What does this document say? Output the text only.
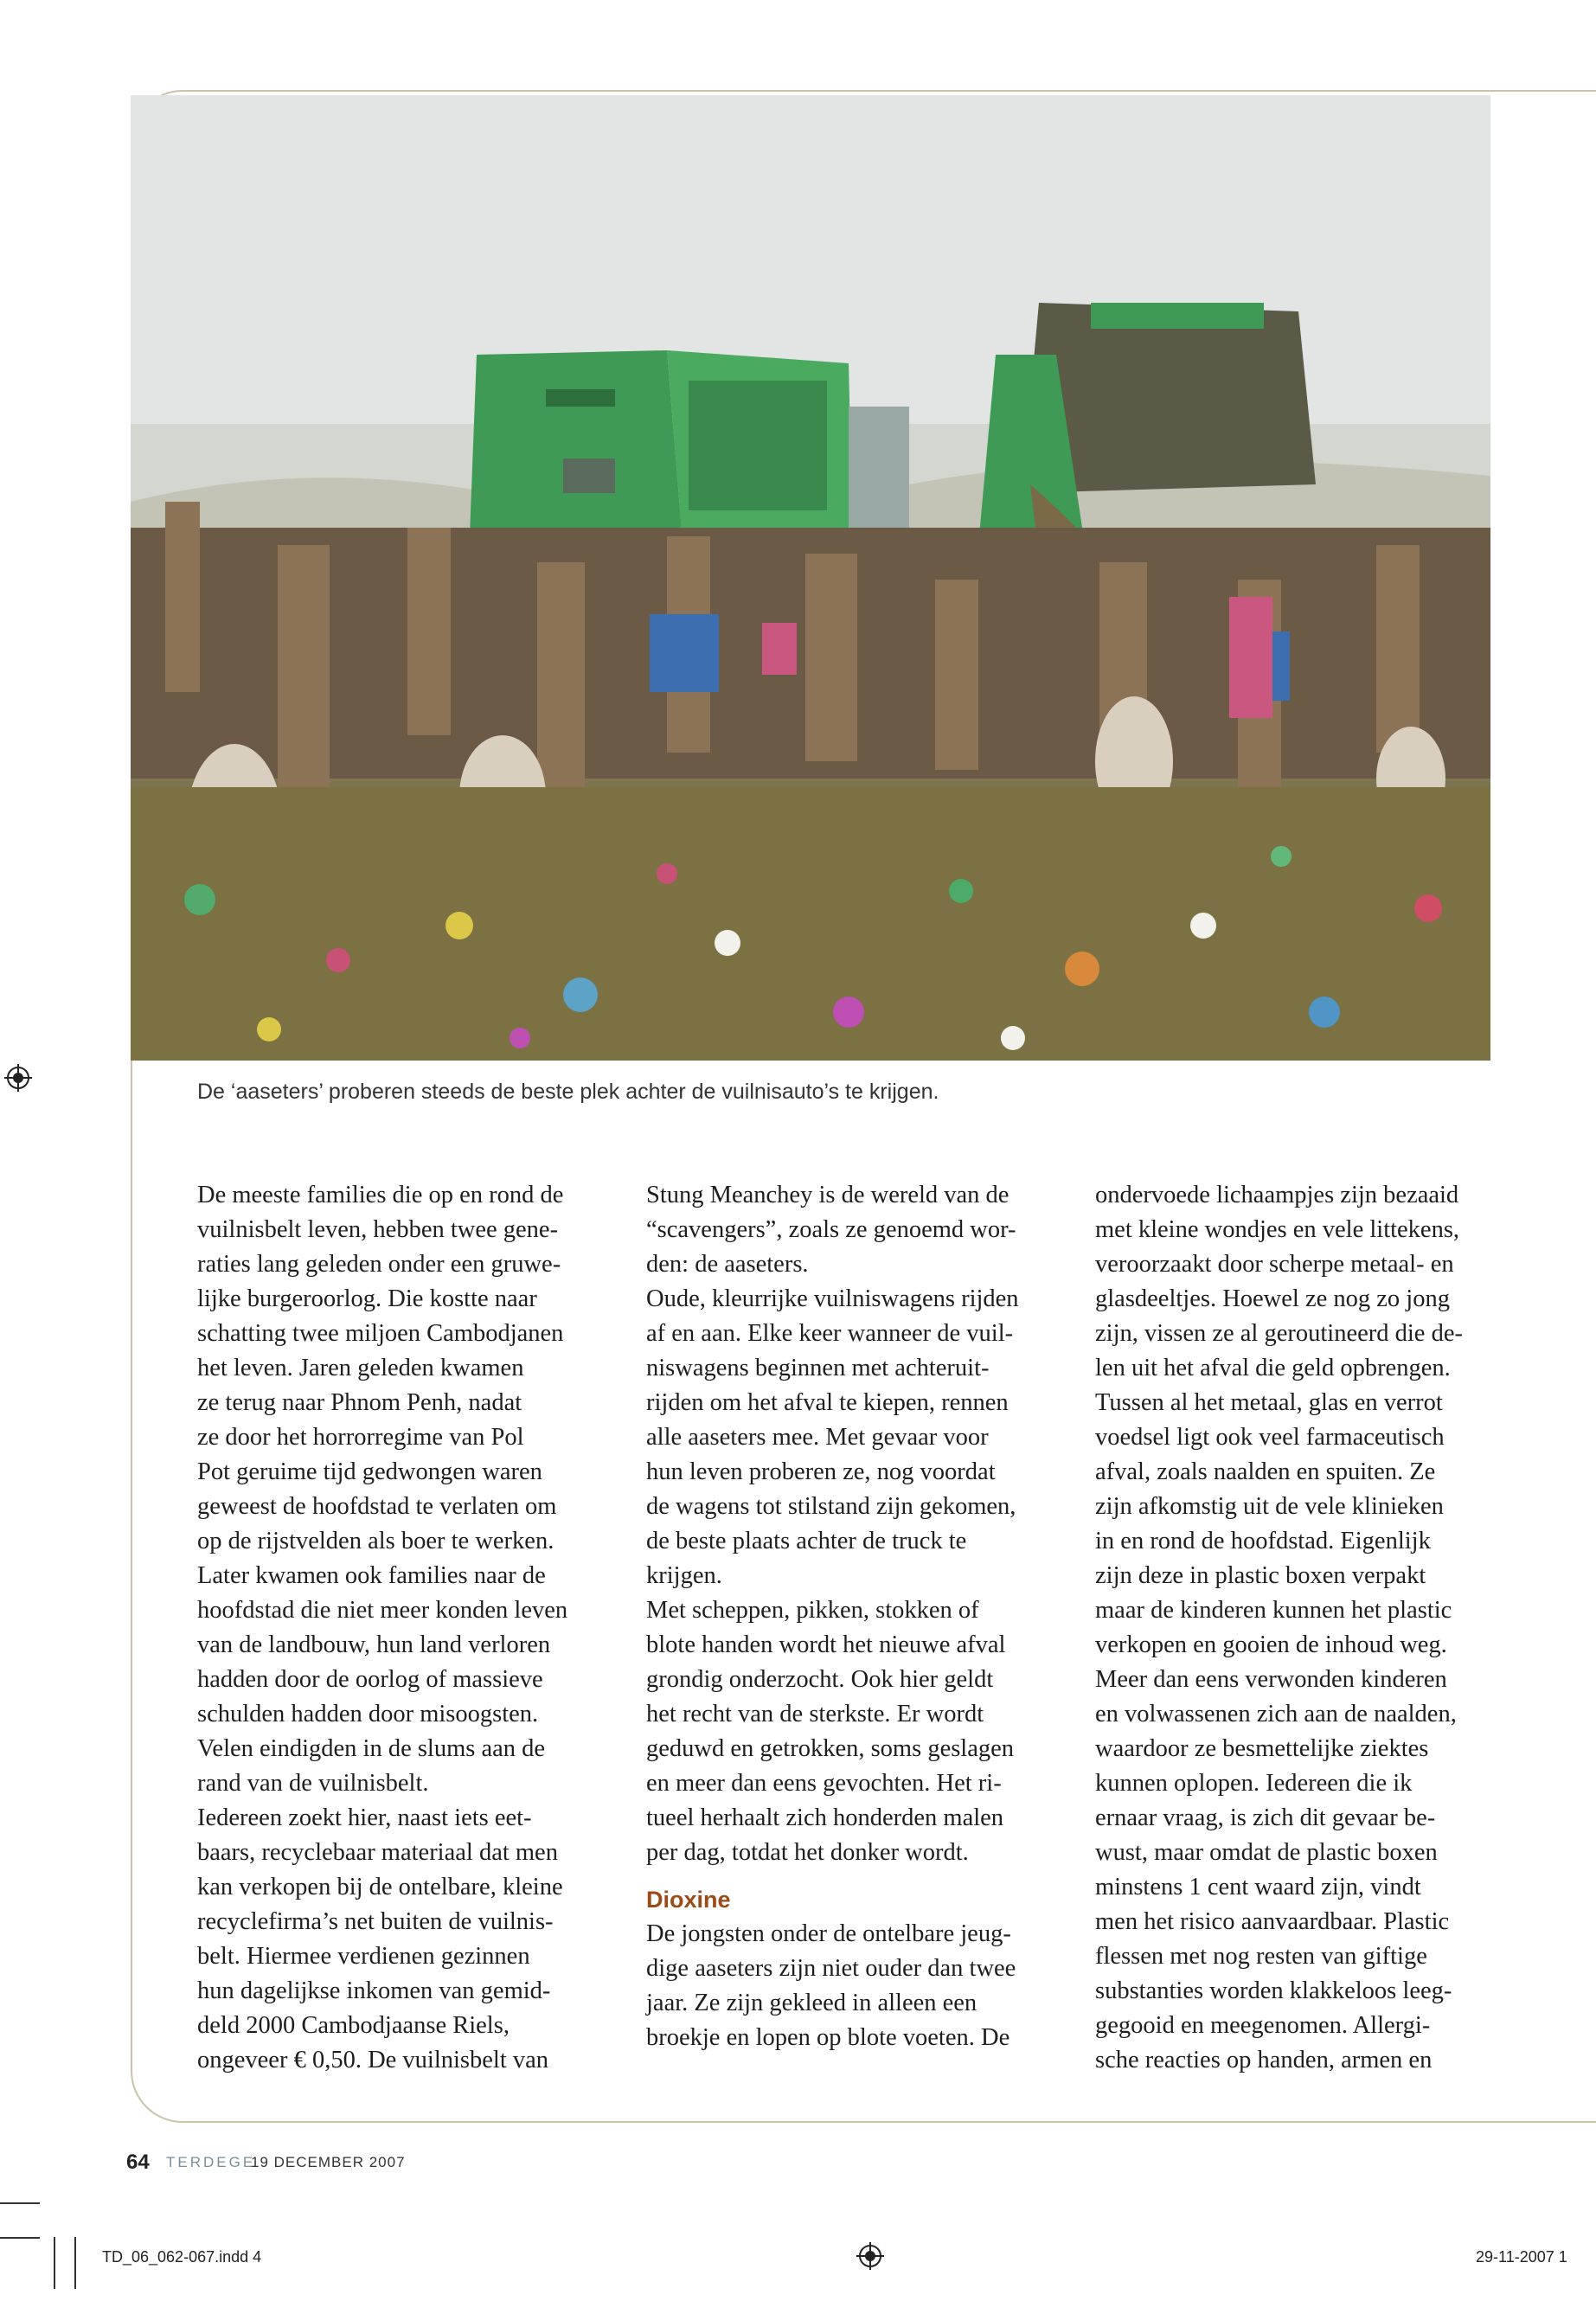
De ‘aaseters’ proberen steeds de beste plek achter de vuilnisauto’s te krijgen.
De meeste families die op en rond de
vuilnisbelt leven, hebben twee gene-
raties lang geleden onder een gruwe-
lijke burgeroorlog. Die kostte naar
schatting twee miljoen Cambodjanen
het leven. Jaren geleden kwamen
ze terug naar Phnom Penh, nadat
ze door het horrorregime van Pol
Pot geruime tijd gedwongen waren
geweest de hoofdstad te verlaten om
op de rijstvelden als boer te werken.
Later kwamen ook families naar de
hoofdstad die niet meer konden leven
van de landbouw, hun land verloren
hadden door de oorlog of massieve
schulden hadden door misoogsten.
Velen eindigden in de slums aan de
rand van de vuilnisbelt.
Iedereen zoekt hier, naast iets eet-
baars, recyclebaar materiaal dat men
kan verkopen bij de ontelbare, kleine
recyclefirma’s net buiten de vuilnis-
belt. Hiermee verdienen gezinnen
hun dagelijkse inkomen van gemid-
deld 2000 Cambodjaanse Riels,
ongeveer € 0,50. De vuilnisbelt van
Stung Meanchey is de wereld van de
“scavengers”, zoals ze genoemd wor-
den: de aaseters.
Oude, kleurrijke vuilniswagens rijden
af en aan. Elke keer wanneer de vuil-
niswagens beginnen met achteruit-
rijden om het afval te kiepen, rennen
alle aaseters mee. Met gevaar voor
hun leven proberen ze, nog voordat
de wagens tot stilstand zijn gekomen,
de beste plaats achter de truck te
krijgen.
Met scheppen, pikken, stokken of
blote handen wordt het nieuwe afval
grondig onderzocht. Ook hier geldt
het recht van de sterkste. Er wordt
geduwd en getrokken, soms geslagen
en meer dan eens gevochten. Het ri-
tueel herhaalt zich honderden malen
per dag, totdat het donker wordt.
Dioxine
De jongsten onder de ontelbare jeug-
dige aaseters zijn niet ouder dan twee
jaar. Ze zijn gekleed in alleen een
broekje en lopen op blote voeten. De
ondervoede lichaampjes zijn bezaaid
met kleine wondjes en vele littekens,
veroorzaakt door scherpe metaal- en
glasdeeltjes. Hoewel ze nog zo jong
zijn, vissen ze al geroutineerd die de-
len uit het afval die geld opbrengen.
Tussen al het metaal, glas en verrot
voedsel ligt ook veel farmaceutisch
afval, zoals naalden en spuiten. Ze
zijn afkomstig uit de vele klinieken
in en rond de hoofdstad. Eigenlijk
zijn deze in plastic boxen verpakt
maar de kinderen kunnen het plastic
verkopen en gooien de inhoud weg.
Meer dan eens verwonden kinderen
en volwassenen zich aan de naalden,
waardoor ze besmettelijke ziektes
kunnen oplopen. Iedereen die ik
ernaar vraag, is zich dit gevaar be-
wust, maar omdat de plastic boxen
minstens 1 cent waard zijn, vindt
men het risico aanvaardbaar. Plastic
flessen met nog resten van giftige
substanties worden klakkeloos leeg-
gegooid en meegenomen. Allergi-
sche reacties op handen, armen en
64 TERDEGE
19 DECEMBER 2007
TD_06_062-067.indd 4	29-11-2007 1
